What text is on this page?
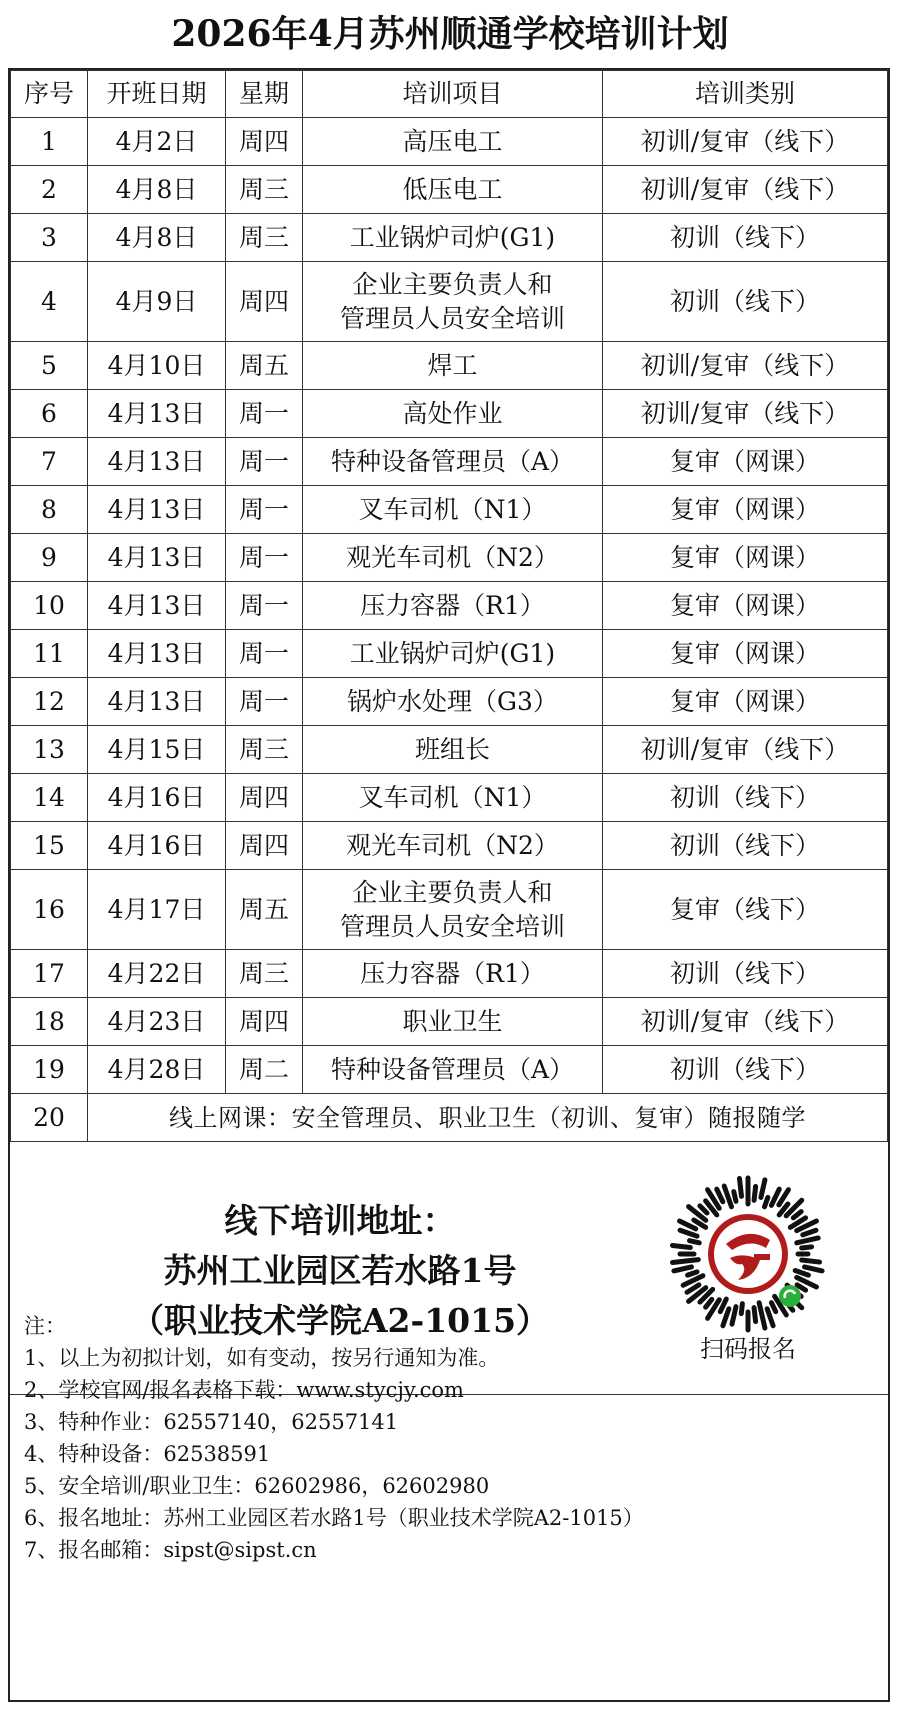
2026年4月苏州顺通学校培训计划
序号	开班日期	星期	培训项目	培训类别
1	4月2日	周四	高压电工	初训/复审（线下）
2	4月8日	周三	低压电工	初训/复审（线下）
3	4月8日	周三	工业锅炉司炉(G1)	初训（线下）
4	4月9日	周四	企业主要负责人和
管理员人员安全培训	初训（线下）
5	4月10日	周五	焊工	初训/复审（线下）
6	4月13日	周一	高处作业	初训/复审（线下）
7	4月13日	周一	特种设备管理员（A）	复审（网课）
8	4月13日	周一	叉车司机（N1）	复审（网课）
9	4月13日	周一	观光车司机（N2）	复审（网课）
10	4月13日	周一	压力容器（R1）	复审（网课）
11	4月13日	周一	工业锅炉司炉(G1)	复审（网课）
12	4月13日	周一	锅炉水处理（G3）	复审（网课）
13	4月15日	周三	班组长	初训/复审（线下）
14	4月16日	周四	叉车司机（N1）	初训（线下）
15	4月16日	周四	观光车司机（N2）	初训（线下）
16	4月17日	周五	企业主要负责人和
管理员人员安全培训	复审（线下）
17	4月22日	周三	压力容器（R1）	初训（线下）
18	4月23日	周四	职业卫生	初训/复审（线下）
19	4月28日	周二	特种设备管理员（A）	初训（线下）
20	线上网课：安全管理员、职业卫生（初训、复审）随报随学			
线下培训地址：
苏州工业园区若水路1号
（职业技术学院A2-1015）
扫码报名
注：
1、以上为初拟计划，如有变动，按另行通知为准。
2、学校官网/报名表格下载：www.stycjy.com
3、特种作业：62557140，62557141
4、特种设备：62538591
5、安全培训/职业卫生：62602986，62602980
6、报名地址：苏州工业园区若水路1号（职业技术学院A2-1015）
7、报名邮箱：sipst@sipst.cn
